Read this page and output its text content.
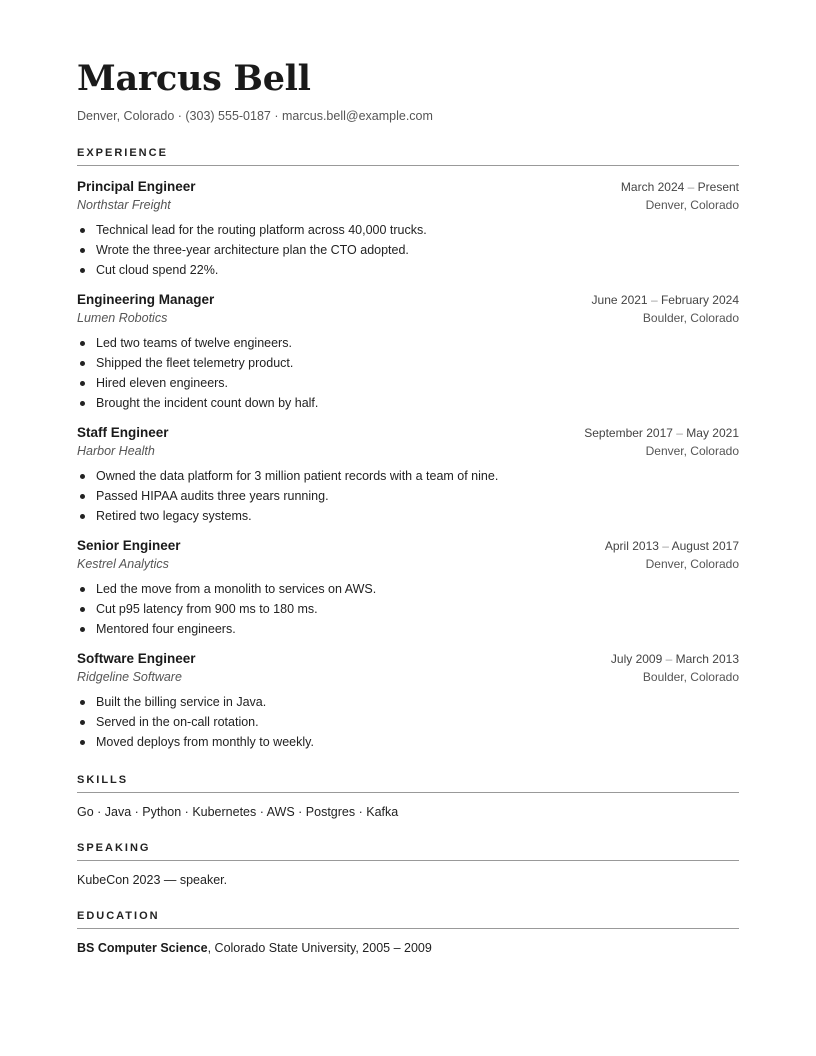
Marcus Bell
Denver, Colorado · (303) 555-0187 · marcus.bell@example.com
EXPERIENCE
Principal Engineer	March 2024 – Present
Northstar Freight	Denver, Colorado
Technical lead for the routing platform across 40,000 trucks.
Wrote the three-year architecture plan the CTO adopted.
Cut cloud spend 22%.
Engineering Manager	June 2021 – February 2024
Lumen Robotics	Boulder, Colorado
Led two teams of twelve engineers.
Shipped the fleet telemetry product.
Hired eleven engineers.
Brought the incident count down by half.
Staff Engineer	September 2017 – May 2021
Harbor Health	Denver, Colorado
Owned the data platform for 3 million patient records with a team of nine.
Passed HIPAA audits three years running.
Retired two legacy systems.
Senior Engineer	April 2013 – August 2017
Kestrel Analytics	Denver, Colorado
Led the move from a monolith to services on AWS.
Cut p95 latency from 900 ms to 180 ms.
Mentored four engineers.
Software Engineer	July 2009 – March 2013
Ridgeline Software	Boulder, Colorado
Built the billing service in Java.
Served in the on-call rotation.
Moved deploys from monthly to weekly.
SKILLS
Go · Java · Python · Kubernetes · AWS · Postgres · Kafka
SPEAKING
KubeCon 2023 — speaker.
EDUCATION
BS Computer Science, Colorado State University, 2005 – 2009
